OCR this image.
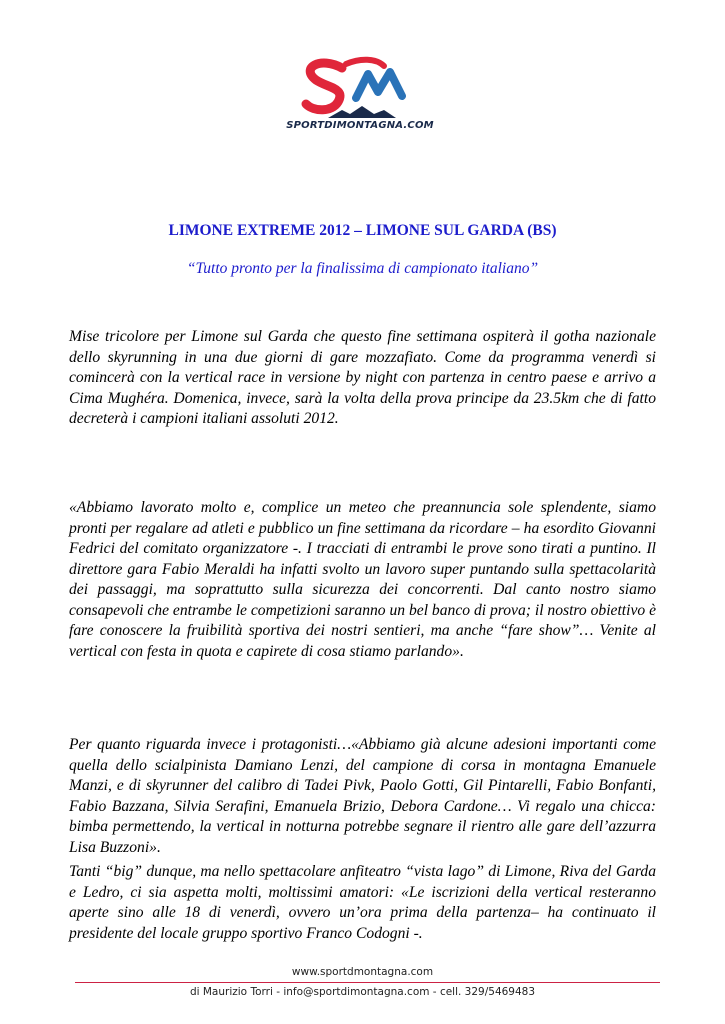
SPORTDIMONTAGNA.COM
LIMONE EXTREME 2012 – LIMONE SUL GARDA (BS)
“Tutto pronto per la finalissima di campionato italiano”

Mise tricolore per Limone sul Garda che questo fine settimana ospiterà il gotha nazionale dello skyrunning in una due giorni di gare mozzafiato. Come da programma venerdì si comincerà con la vertical race in versione by night con partenza in centro paese e arrivo a Cima Mughéra. Domenica, invece, sarà la volta della prova principe da 23.5km che di fatto decreterà i campioni italiani assoluti 2012.

«Abbiamo lavorato molto e, complice un meteo che preannuncia sole splendente, siamo pronti per regalare ad atleti e pubblico un fine settimana da ricordare – ha esordito Giovanni Fedrici del comitato organizzatore -. I tracciati di entrambi le prove sono tirati a puntino. Il direttore gara Fabio Meraldi ha infatti svolto un lavoro super puntando sulla spettacolarità dei passaggi, ma soprattutto sulla sicurezza dei concorrenti. Dal canto nostro siamo consapevoli che entrambe le competizioni saranno un bel banco di prova; il nostro obiettivo è fare conoscere la fruibilità sportiva dei nostri sentieri, ma anche “fare show”… Venite al vertical con festa in quota e capirete di cosa stiamo parlando».

Per quanto riguarda invece i protagonisti…«Abbiamo già alcune adesioni importanti come quella dello scialpinista Damiano Lenzi, del campione di corsa in montagna Emanuele Manzi, e di skyrunner del calibro di Tadei Pivk, Paolo Gotti, Gil Pintarelli, Fabio Bonfanti, Fabio Bazzana, Silvia Serafini, Emanuela Brizio, Debora Cardone… Vi regalo una chicca: bimba permettendo, la vertical in notturna potrebbe segnare il rientro alle gare dell’azzurra Lisa Buzzoni».

Tanti “big” dunque, ma nello spettacolare anfiteatro “vista lago” di Limone, Riva del Garda e Ledro, ci sia aspetta molti, moltissimi amatori: «Le iscrizioni della vertical resteranno aperte sino alle 18 di venerdì, ovvero un’ora prima della partenza– ha continuato il presidente del locale gruppo sportivo Franco Codogni -.

www.sportdmontagna.com
di Maurizio Torri - info@sportdimontagna.com - cell. 329/5469483
